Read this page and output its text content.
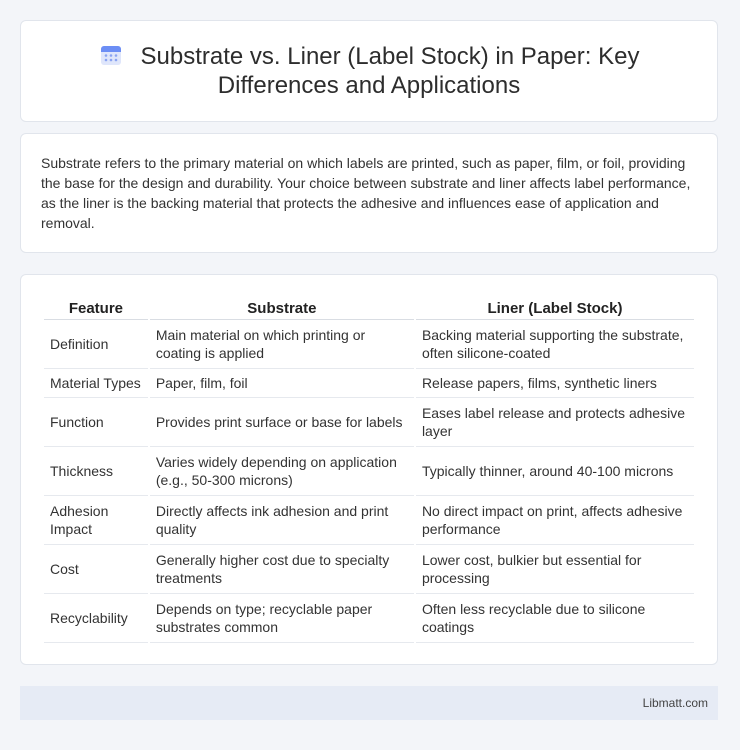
Substrate vs. Liner (Label Stock) in Paper: Key Differences and Applications

Substrate refers to the primary material on which labels are printed, such as paper, film, or foil, providing the base for the design and durability. Your choice between substrate and liner affects label performance, as the liner is the backing material that protects the adhesive and influences ease of application and removal.

Feature	Substrate	Liner (Label Stock)
Definition	Main material on which printing or coating is applied	Backing material supporting the substrate, often silicone-coated
Material Types	Paper, film, foil	Release papers, films, synthetic liners
Function	Provides print surface or base for labels	Eases label release and protects adhesive layer
Thickness	Varies widely depending on application (e.g., 50-300 microns)	Typically thinner, around 40-100 microns
Adhesion Impact	Directly affects ink adhesion and print quality	No direct impact on print, affects adhesive performance
Cost	Generally higher cost due to specialty treatments	Lower cost, bulkier but essential for processing
Recyclability	Depends on type; recyclable paper substrates common	Often less recyclable due to silicone coatings
Libmatt.com
